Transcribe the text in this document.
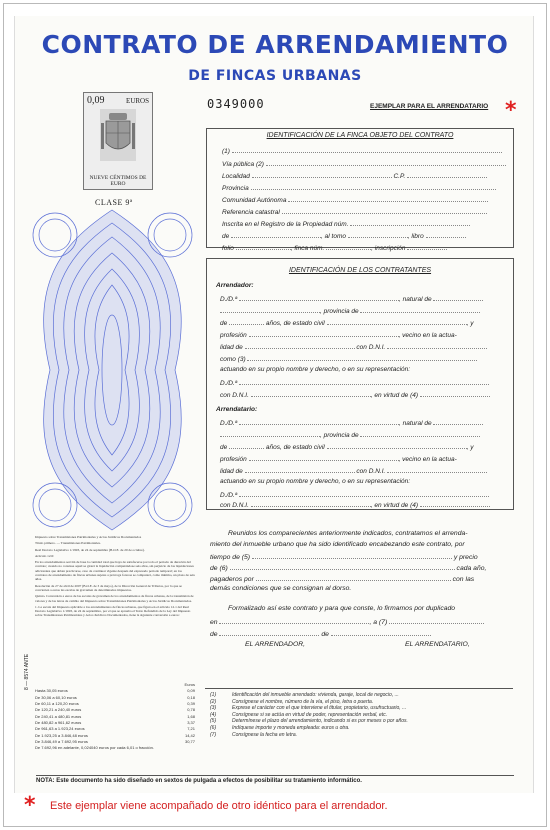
CONTRATO DE ARRENDAMIENTO
DE FINCAS URBANAS
0,09	EUROS
NUEVE CÉNTIMOS DE EURO
CLASE 9ª
0349000	EJEMPLAR PARA EL ARRENDATARIO *
IDENTIFICACIÓN DE LA FINCA OBJETO DEL CONTRATO
(1)
Vía pública (2)
Localidad	C.P.
Provincia
Comunidad Autónoma
Referencia catastral
Inscrita en el Registro de la Propiedad núm.
de	, al tomo	, libro
folio	, finca núm.	, inscripción
IDENTIFICACIÓN DE LOS CONTRATANTES
Arrendador:
D./D.ª	, natural de
, provincia de
de	años, de estado civil	, y
profesión	, vecino en la actua-
lidad de	con D.N.I.
como (3)
actuando en su propio nombre y derecho, o en su representación:
D./D.ª
con D.N.I.	, en virtud de (4)
Arrendatario:
D./D.ª	, natural de
, provincia de
de	años, de estado civil	, y
profesión	, vecino en la actua-
lidad de	con D.N.I.
actuando en su propio nombre y derecho, o en su representación:
D./D.ª
con D.N.I.	, en virtud de (4)
Reunidos los comparecientes anteriormente indicados, contratamos el arrenda-
miento del inmueble urbano que ha sido identificado encabezando este contrato, por
tiempo de (5)	y precio
de (6)	cada año,
pagaderos por	con las
demás condiciones que se consignan al dorso.
Formalizado así este contrato y para que conste, lo firmamos por duplicado
en	, a (7)
de	de
EL ARRENDADOR,	EL ARRENDATARIO,

Impuesto sobre Transmisiones Patrimoniales y Actos Jurídicos Documentados

Título primero. — Transmisiones Patrimoniales.

Real Decreto Legislativo 1/1993, de 24 de septiembre (B.O.E. de 20 de octubre).

Artículo 12.6:

En los arrendamientos servirá de base la cantidad total que haya de satisfacerse por todo el período de duración del contrato; cuando no constase aquél se girará la liquidación computándose seis años, sin perjuicio de las liquidaciones adicionales que deban practicarse, caso de continuar vigente después del expresado período temporal; en los contratos de arrendamiento de fincas urbanas sujetas a prórroga forzosa se computará, como mínimo, un plazo de seis años.

Resolución de 27 de abril de 2007 (B.O.E. de 3 de mayo), de la Dirección General de Tributos, por la que se convierten a euros las escalas de gravamen de determinados impuestos.

Quinto. Conversión a euros de las escalas de gravamen de los arrendamientos de fincas urbanas, de la transmisión de valores y de las letras de cambio del Impuesto sobre Transmisiones Patrimoniales y Actos Jurídicos Documentados.

1. La escala del Impuesto aplicable a los arrendamientos de fincas urbanas, que figura en el artículo 12.1 del Real Decreto Legislativo 1/1993, de 24 de septiembre, por el que se aprueba el Texto Refundido de la Ley del Impuesto sobre Transmisiones Patrimoniales y Actos Jurídicos Documentados, tiene la siguiente conversión a euros:

	Euros
Hasta 30,05 euros	0,09
De 30,06 a 60,10 euros	0,18
De 60,11 a 120,20 euros	0,39
De 120,21 a 240,40 euros	0,78
De 240,41 a 480,81 euros	1,68
De 480,82 a 961,62 euros	3,37
De 961,63 a 1.923,24 euros	7,21
De 1.923,25 a 3.846,48 euros	14,42
De 3.846,49 a 7.692,95 euros	30,77
De 7.692,96 en adelante, 0,024040 euros por cada 6,01 o fracción.	
8 — 8574 ANTE
(1)	Identificación del inmueble arrendado: vivienda, garaje, local de negocio, ...
(2)	Consígnese el nombre, número de la vía, el piso, letra o puerta.
(3)	Exprese el carácter con el que interviene el titular, propietario, usufructuario, ...
(4)	Consígnese si se actúa en virtud de poder, representación verbal, etc.
(5)	Determínese el plazo del arrendamiento, indicando si es por meses o por años.
(6)	Indíquese importe y moneda empleada: euros u otra.
(7)	Consígnese la fecha en letra.
NOTA: Este documento ha sido diseñado en sextos de pulgada a efectos de posibilitar su tratamiento informático.
* Este ejemplar viene acompañado de otro idéntico para el arrendador.
